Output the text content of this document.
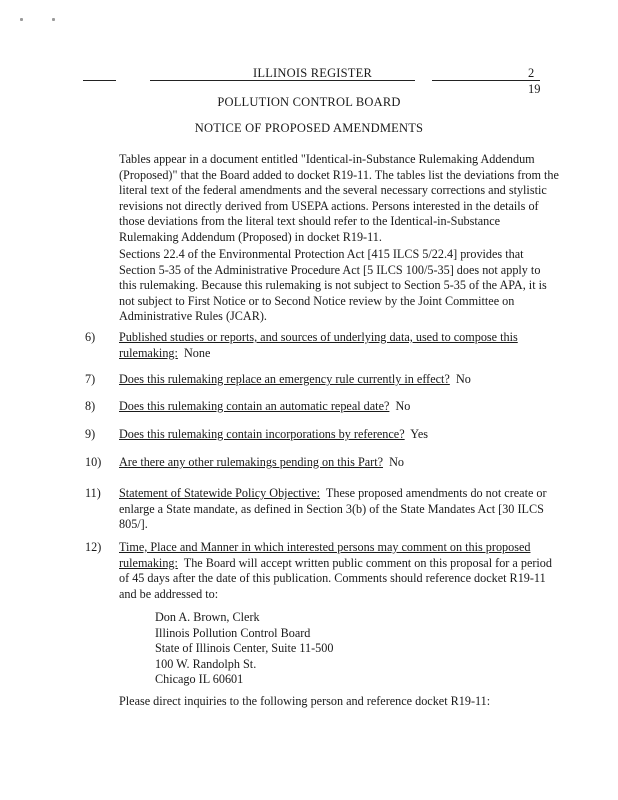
ILLINOIS REGISTER	2
19
POLLUTION CONTROL BOARD
NOTICE OF PROPOSED AMENDMENTS
Tables appear in a document entitled "Identical-in-Substance Rulemaking Addendum (Proposed)" that the Board added to docket R19-11. The tables list the deviations from the literal text of the federal amendments and the several necessary corrections and stylistic revisions not directly derived from USEPA actions. Persons interested in the details of those deviations from the literal text should refer to the Identical-in-Substance Rulemaking Addendum (Proposed) in docket R19-11.
Sections 22.4 of the Environmental Protection Act [415 ILCS 5/22.4] provides that Section 5-35 of the Administrative Procedure Act [5 ILCS 100/5-35] does not apply to this rulemaking. Because this rulemaking is not subject to Section 5-35 of the APA, it is not subject to First Notice or to Second Notice review by the Joint Committee on Administrative Rules (JCAR).
6) Published studies or reports, and sources of underlying data, used to compose this rulemaking: None
7) Does this rulemaking replace an emergency rule currently in effect? No
8) Does this rulemaking contain an automatic repeal date? No
9) Does this rulemaking contain incorporations by reference? Yes
10) Are there any other rulemakings pending on this Part? No
11) Statement of Statewide Policy Objective: These proposed amendments do not create or enlarge a State mandate, as defined in Section 3(b) of the State Mandates Act [30 ILCS 805/].
12) Time, Place and Manner in which interested persons may comment on this proposed rulemaking: The Board will accept written public comment on this proposal for a period of 45 days after the date of this publication. Comments should reference docket R19-11 and be addressed to:
Don A. Brown, Clerk
Illinois Pollution Control Board
State of Illinois Center, Suite 11-500
100 W. Randolph St.
Chicago IL 60601
Please direct inquiries to the following person and reference docket R19-11:
